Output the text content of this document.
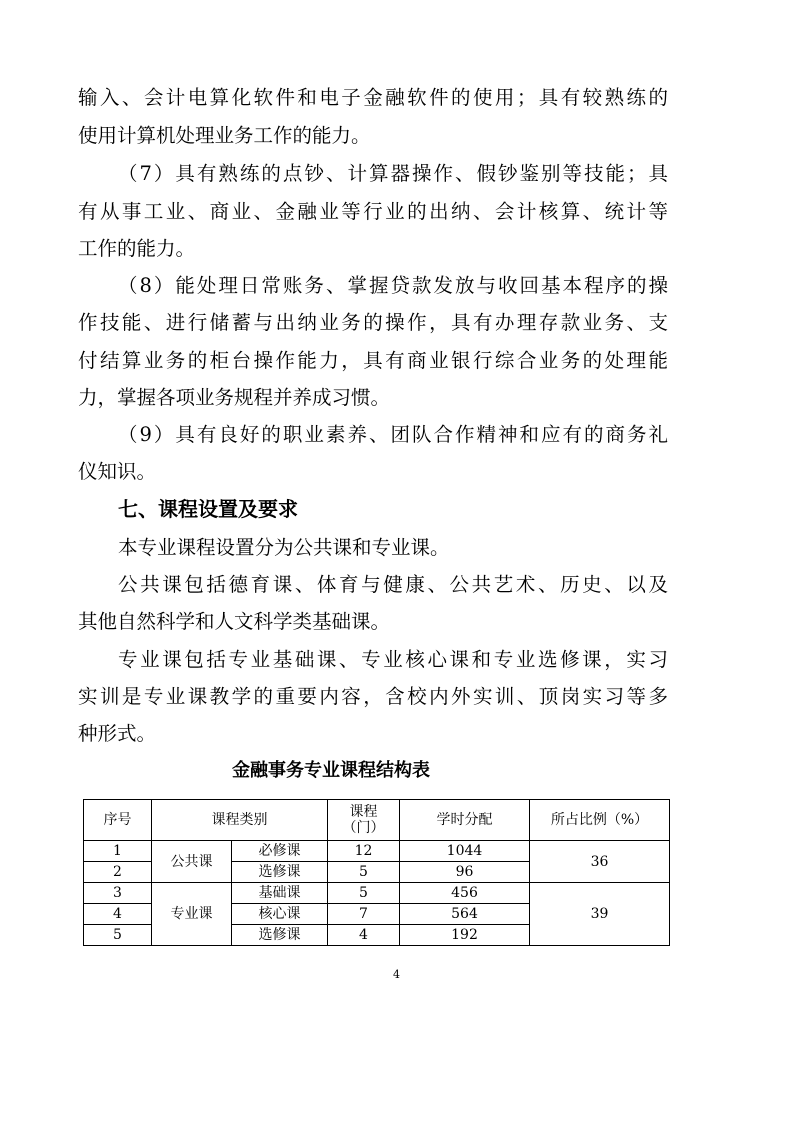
输入、会计电算化软件和电子金融软件的使用；具有较熟练的
使用计算机处理业务工作的能力。
（7）具有熟练的点钞、计算器操作、假钞鉴别等技能；具
有从事工业、商业、金融业等行业的出纳、会计核算、统计等
工作的能力。
（8）能处理日常账务、掌握贷款发放与收回基本程序的操
作技能、进行储蓄与出纳业务的操作，具有办理存款业务、支
付结算业务的柜台操作能力，具有商业银行综合业务的处理能
力，掌握各项业务规程并养成习惯。
（9）具有良好的职业素养、团队合作精神和应有的商务礼
仪知识。
七、课程设置及要求
本专业课程设置分为公共课和专业课。
公共课包括德育课、体育与健康、公共艺术、历史、以及
其他自然科学和人文科学类基础课。
专业课包括专业基础课、专业核心课和专业选修课，实习
实训是专业课教学的重要内容，含校内外实训、顶岗实习等多
种形式。
金融事务专业课程结构表
序号	课程类别		课程
（门）	学时分配	所占比例（%）
1	公共课	必修课	12	1044	36
2		选修课	5	96	
3	专业课	基础课	5	456	39
4		核心课	7	564	
5		选修课	4	192	
4
